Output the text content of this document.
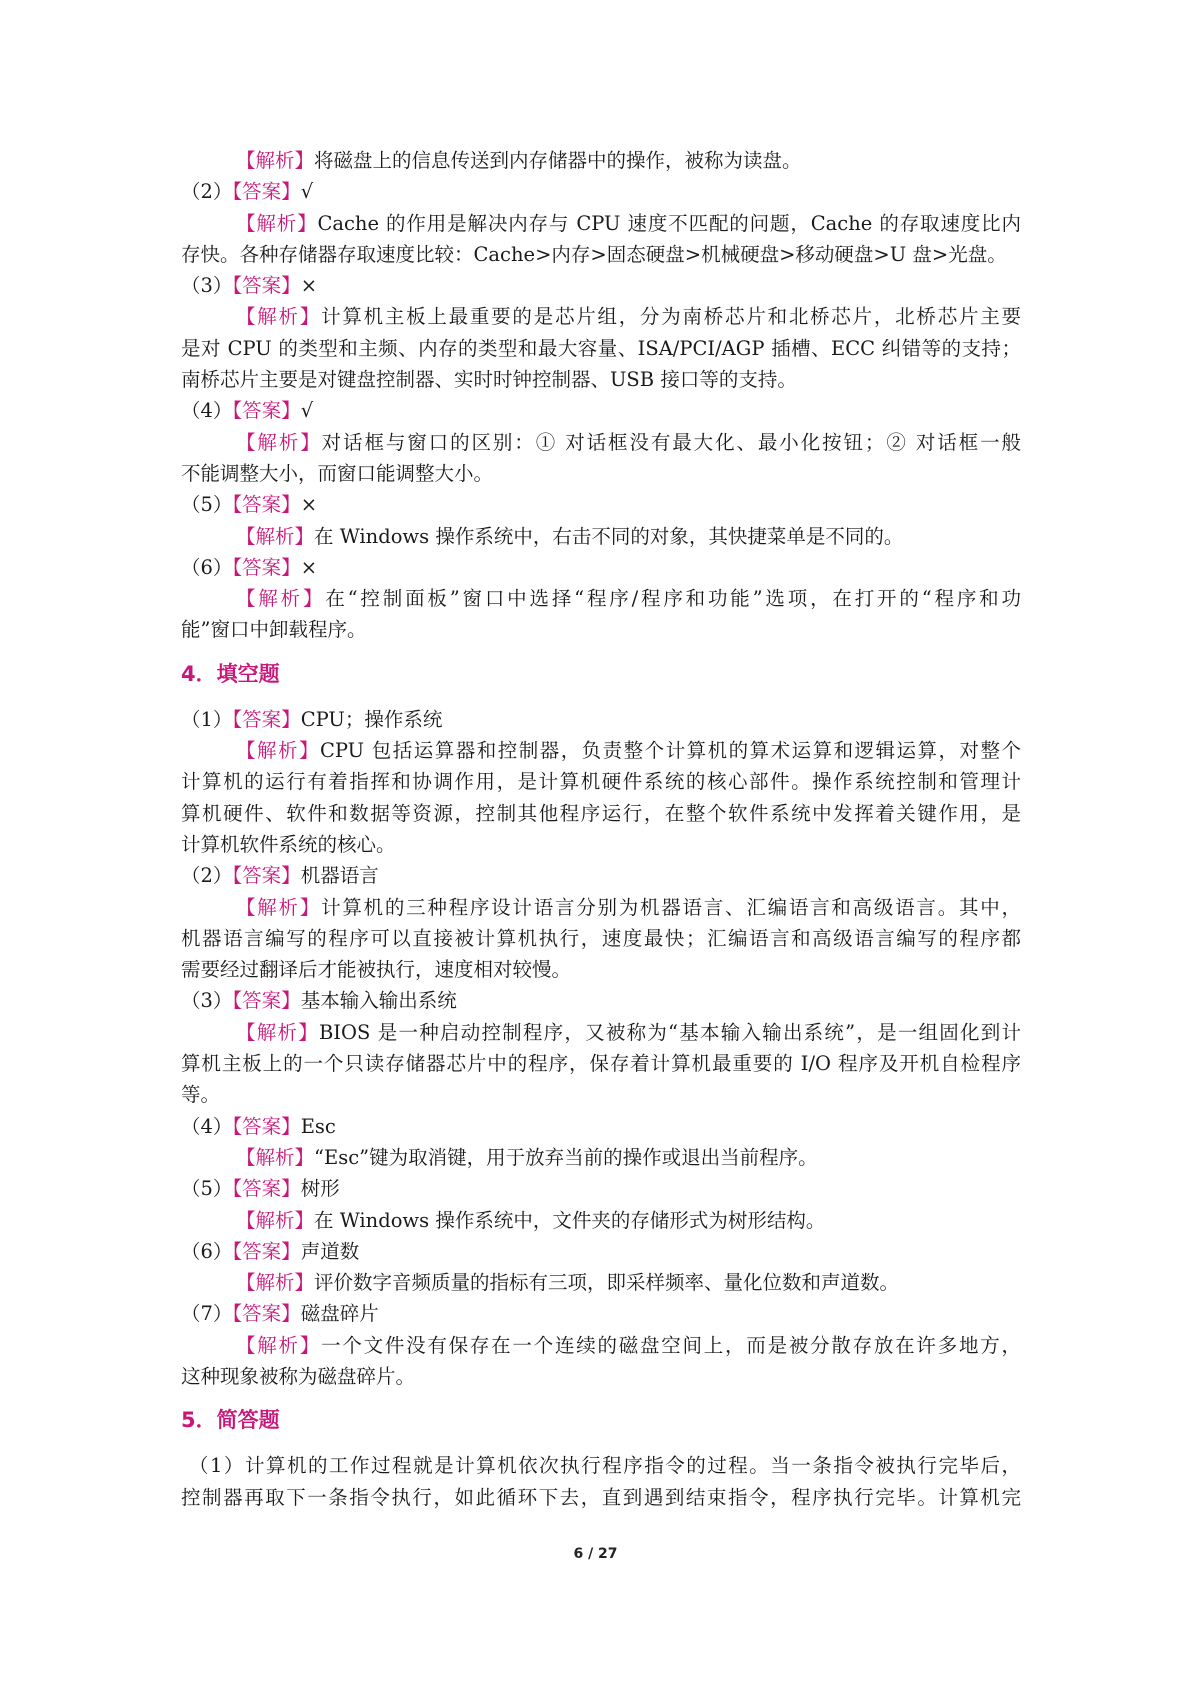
【解析】将磁盘上的信息传送到内存储器中的操作，被称为读盘。
（2）【答案】√
【解析】Cache 的作用是解决内存与 CPU 速度不匹配的问题，Cache 的存取速度比内
存快。各种存储器存取速度比较：Cache>内存>固态硬盘>机械硬盘>移动硬盘>U 盘>光盘。
（3）【答案】×
【解析】计算机主板上最重要的是芯片组，分为南桥芯片和北桥芯片，北桥芯片主要
是对 CPU 的类型和主频、内存的类型和最大容量、ISA/PCI/AGP 插槽、ECC 纠错等的支持；
南桥芯片主要是对键盘控制器、实时时钟控制器、USB 接口等的支持。
（4）【答案】√
【解析】对话框与窗口的区别：① 对话框没有最大化、最小化按钮；② 对话框一般
不能调整大小，而窗口能调整大小。
（5）【答案】×
【解析】在 Windows 操作系统中，右击不同的对象，其快捷菜单是不同的。
（6）【答案】×
【解析】在“控制面板”窗口中选择“程序/程序和功能”选项，在打开的“程序和功
能”窗口中卸载程序。
4．填空题
（1）【答案】CPU；操作系统
【解析】CPU 包括运算器和控制器，负责整个计算机的算术运算和逻辑运算，对整个
计算机的运行有着指挥和协调作用，是计算机硬件系统的核心部件。操作系统控制和管理计
算机硬件、软件和数据等资源，控制其他程序运行，在整个软件系统中发挥着关键作用，是
计算机软件系统的核心。
（2）【答案】机器语言
【解析】计算机的三种程序设计语言分别为机器语言、汇编语言和高级语言。其中，
机器语言编写的程序可以直接被计算机执行，速度最快；汇编语言和高级语言编写的程序都
需要经过翻译后才能被执行，速度相对较慢。
（3）【答案】基本输入输出系统
【解析】BIOS 是一种启动控制程序，又被称为“基本输入输出系统”，是一组固化到计
算机主板上的一个只读存储器芯片中的程序，保存着计算机最重要的 I/O 程序及开机自检程序
等。
（4）【答案】Esc
【解析】“Esc”键为取消键，用于放弃当前的操作或退出当前程序。
（5）【答案】树形
【解析】在 Windows 操作系统中，文件夹的存储形式为树形结构。
（6）【答案】声道数
【解析】评价数字音频质量的指标有三项，即采样频率、量化位数和声道数。
（7）【答案】磁盘碎片
【解析】一个文件没有保存在一个连续的磁盘空间上，而是被分散存放在许多地方，
这种现象被称为磁盘碎片。
5．简答题
（1）计算机的工作过程就是计算机依次执行程序指令的过程。当一条指令被执行完毕后，
控制器再取下一条指令执行，如此循环下去，直到遇到结束指令，程序执行完毕。计算机完
6 / 27
